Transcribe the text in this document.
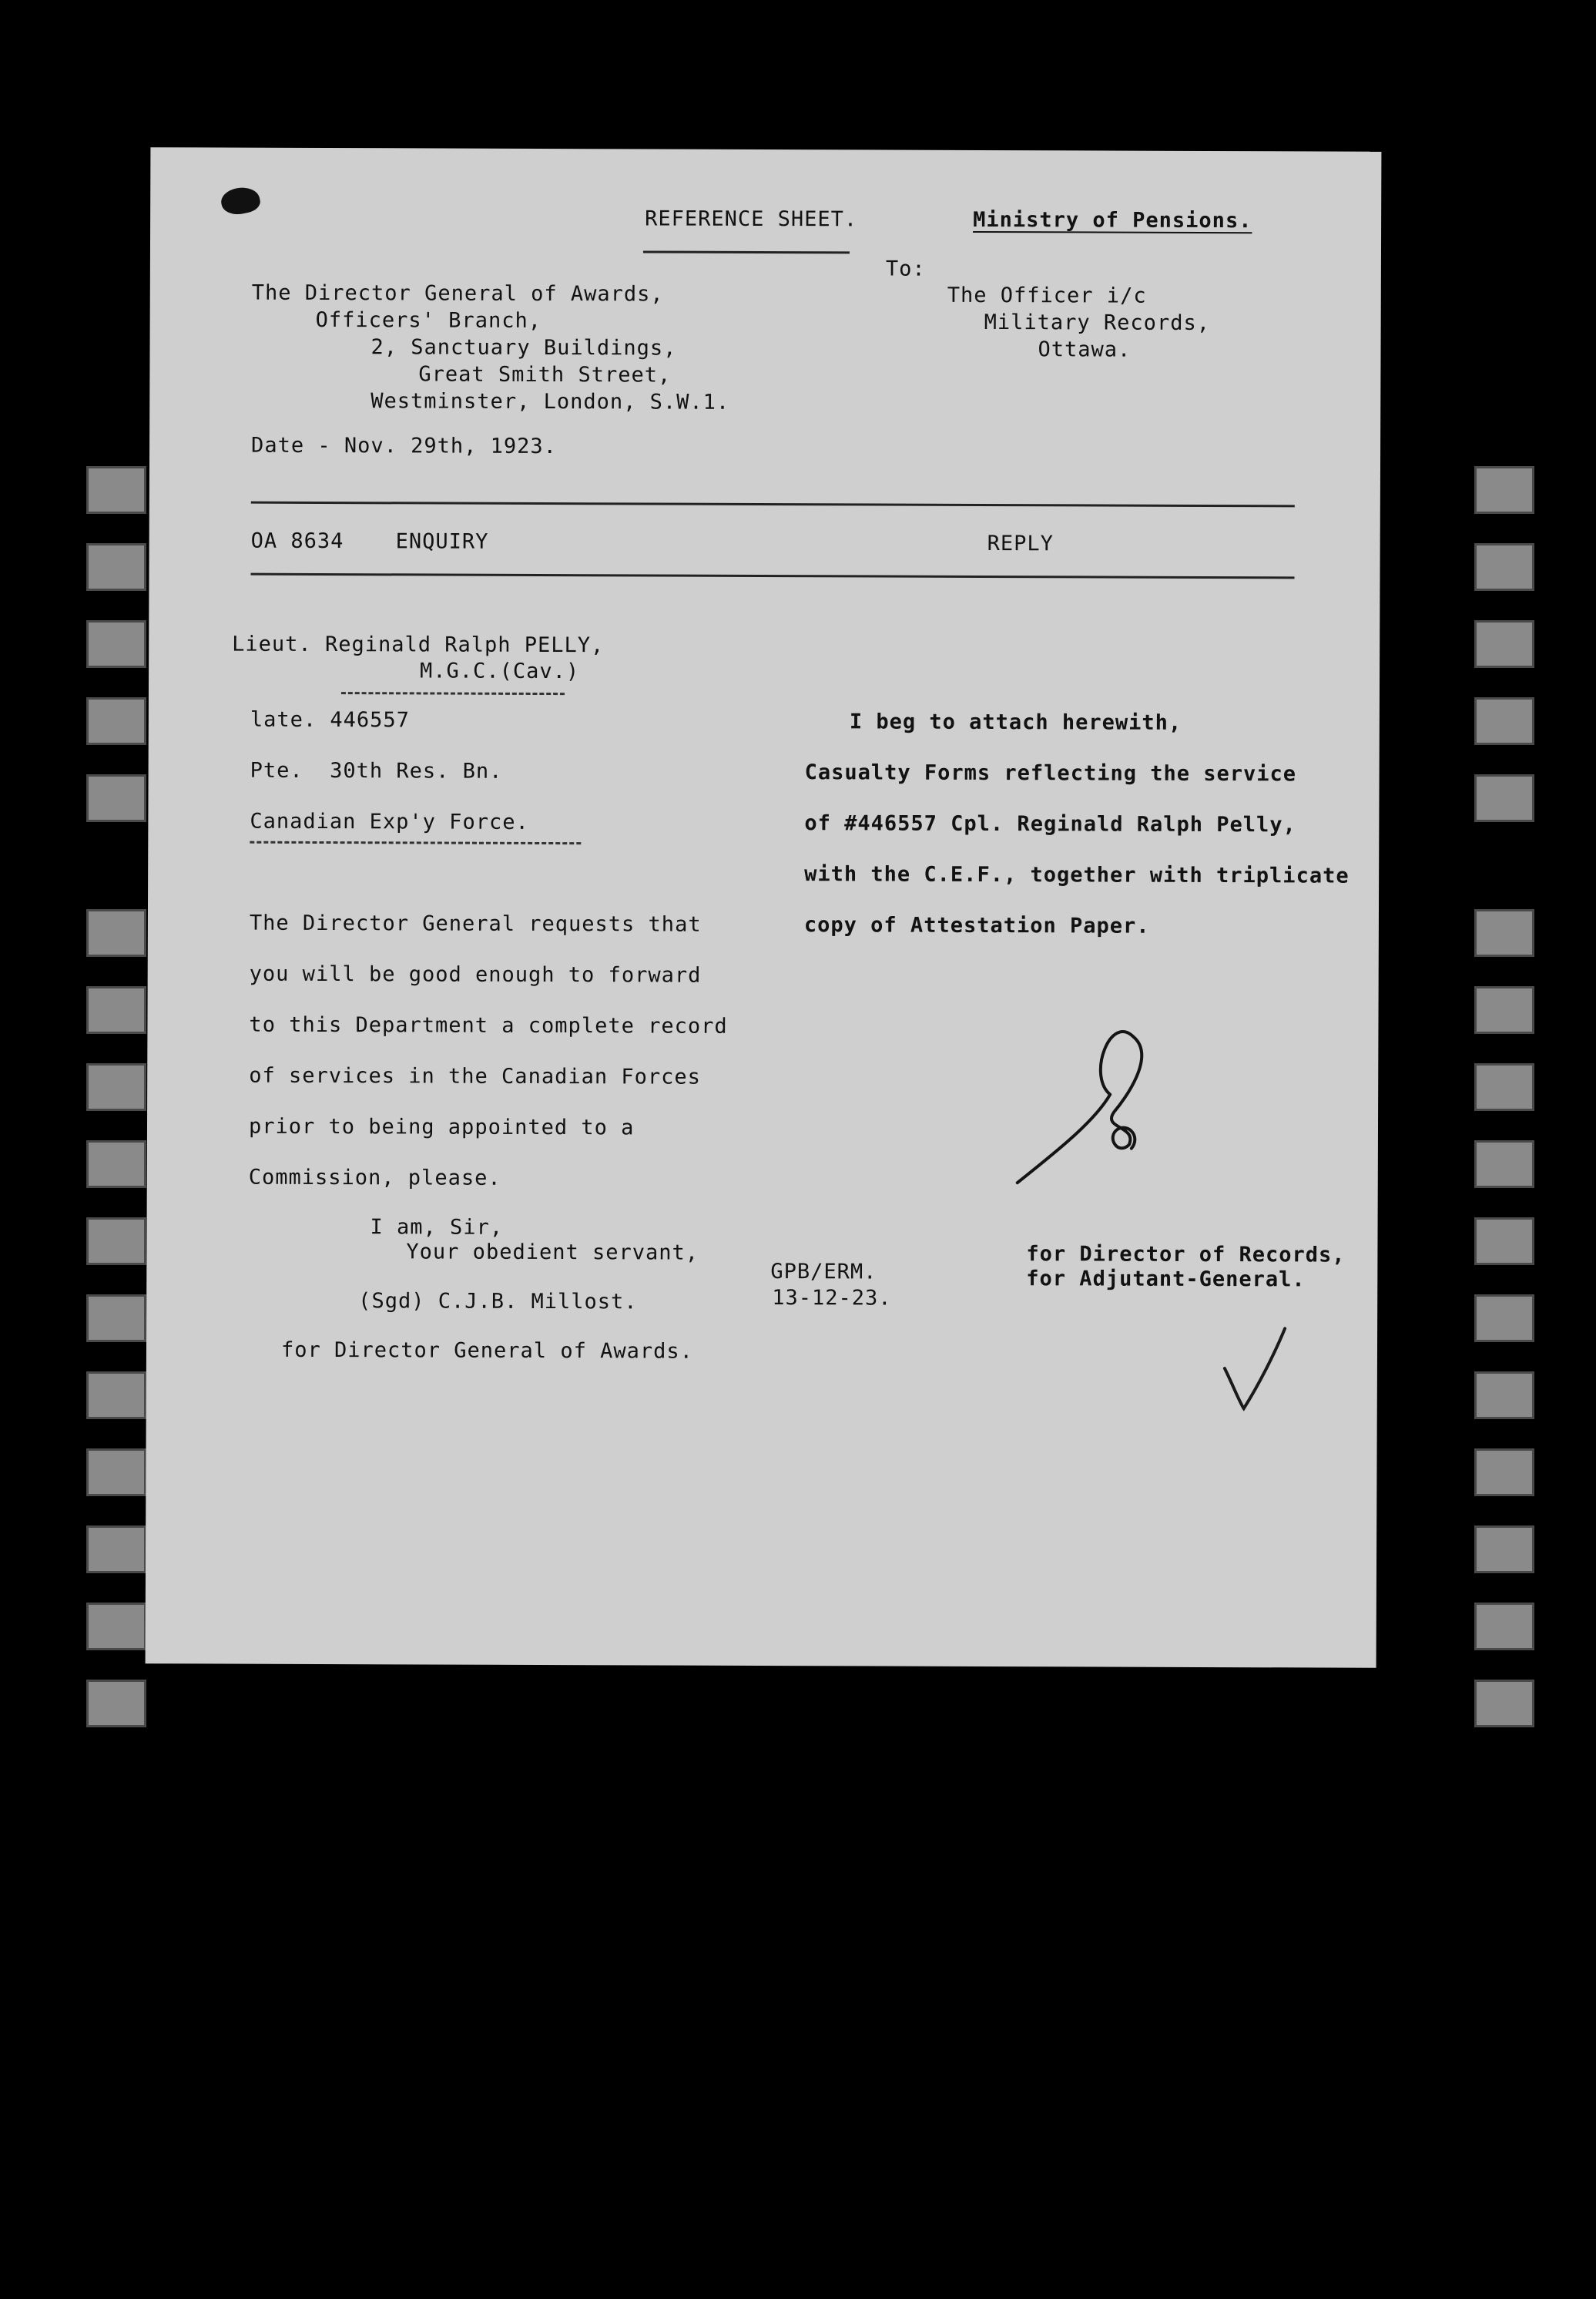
REFERENCE SHEET.	Ministry of Pensions.
The Director General of Awards,
Officers' Branch,
2, Sanctuary Buildings,
Great Smith Street,
Westminster, London, S.W.1.
To:
The Officer i/c
Military Records,
Ottawa.
Date - Nov. 29th, 1923.
OA 8634 ENQUIRY	REPLY
Lieut. Reginald Ralph PELLY,
M.G.C.(Cav.)
late. 446557
Pte.  30th Res. Bn.
Canadian Exp'y Force.
The Director General requests that
you will be good enough to forward
to this Department a complete record
of services in the Canadian Forces
prior to being appointed to a
Commission, please.
I am, Sir,
Your obedient servant,
(Sgd) C.J.B. Millost.
for Director General of Awards.
I beg to attach herewith,
Casualty Forms reflecting the service
of #446557 Cpl. Reginald Ralph Pelly,
with the C.E.F., together with triplicate
copy of Attestation Paper.
GPB/ERM.
13-12-23.
for Director of Records,
for Adjutant-General.
